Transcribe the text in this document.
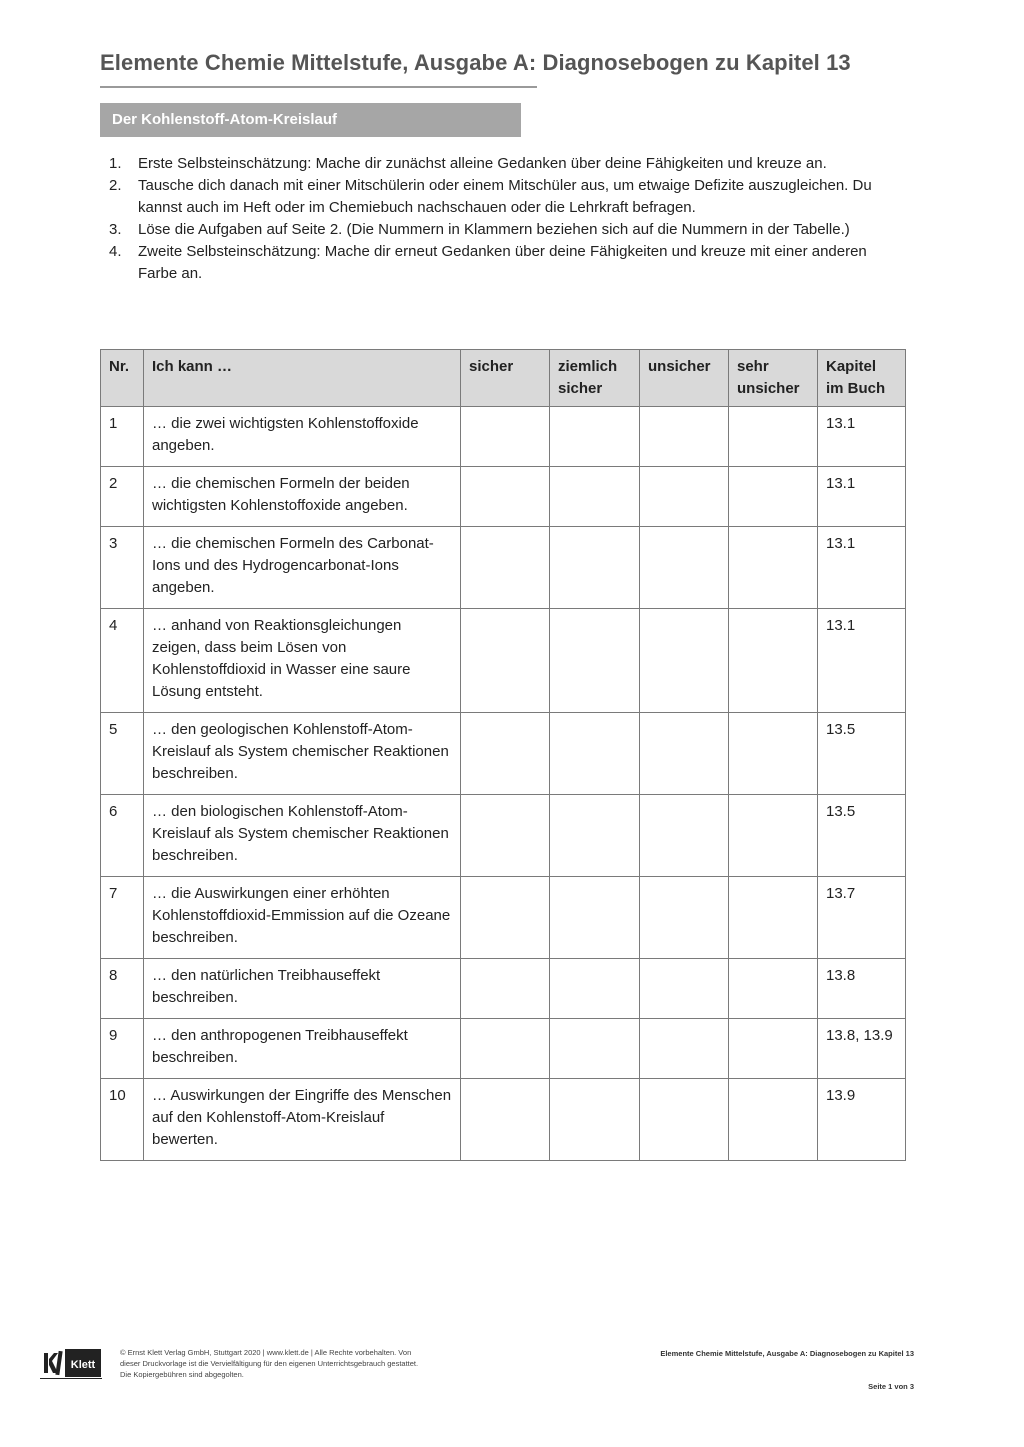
Elemente Chemie Mittelstufe, Ausgabe A: Diagnosebogen zu Kapitel 13
Der Kohlenstoff-Atom-Kreislauf
1. Erste Selbsteinschätzung: Mache dir zunächst alleine Gedanken über deine Fähigkeiten und kreuze an.
2. Tausche dich danach mit einer Mitschülerin oder einem Mitschüler aus, um etwaige Defizite auszugleichen. Du kannst auch im Heft oder im Chemiebuch nachschauen oder die Lehrkraft befragen.
3. Löse die Aufgaben auf Seite 2. (Die Nummern in Klammern beziehen sich auf die Nummern in der Tabelle.)
4. Zweite Selbsteinschätzung: Mache dir erneut Gedanken über deine Fähigkeiten und kreuze mit einer anderen Farbe an.
Nr.	Ich kann …	sicher	ziemlich sicher	unsicher	sehr unsicher	Kapitel im Buch
1	… die zwei wichtigsten Kohlenstoffoxide angeben.					13.1
2	… die chemischen Formeln der beiden wichtigsten Kohlenstoffoxide angeben.					13.1
3	… die chemischen Formeln des Carbonat-Ions und des Hydrogencarbonat-Ions angeben.					13.1
4	… anhand von Reaktionsgleichungen zeigen, dass beim Lösen von Kohlenstoffdioxid in Wasser eine saure Lösung entsteht.					13.1
5	… den geologischen Kohlenstoff-Atom-Kreislauf als System chemischer Reaktionen beschreiben.					13.5
6	… den biologischen Kohlenstoff-Atom-Kreislauf als System chemischer Reaktionen beschreiben.					13.5
7	… die Auswirkungen einer erhöhten Kohlenstoffdioxid-Emmission auf die Ozeane beschreiben.					13.7
8	… den natürlichen Treibhauseffekt beschreiben.					13.8
9	… den anthropogenen Treibhauseffekt beschreiben.					13.8, 13.9
10	… Auswirkungen der Eingriffe des Menschen auf den Kohlenstoff-Atom-Kreislauf bewerten.					13.9
Klett
© Ernst Klett Verlag GmbH, Stuttgart 2020 | www.klett.de | Alle Rechte vorbehalten. Von dieser Druckvorlage ist die Vervielfältigung für den eigenen Unterrichtsgebrauch gestattet. Die Kopiergebühren sind abgegolten.
Elemente Chemie Mittelstufe, Ausgabe A: Diagnosebogen zu Kapitel 13
Seite 1 von 3
